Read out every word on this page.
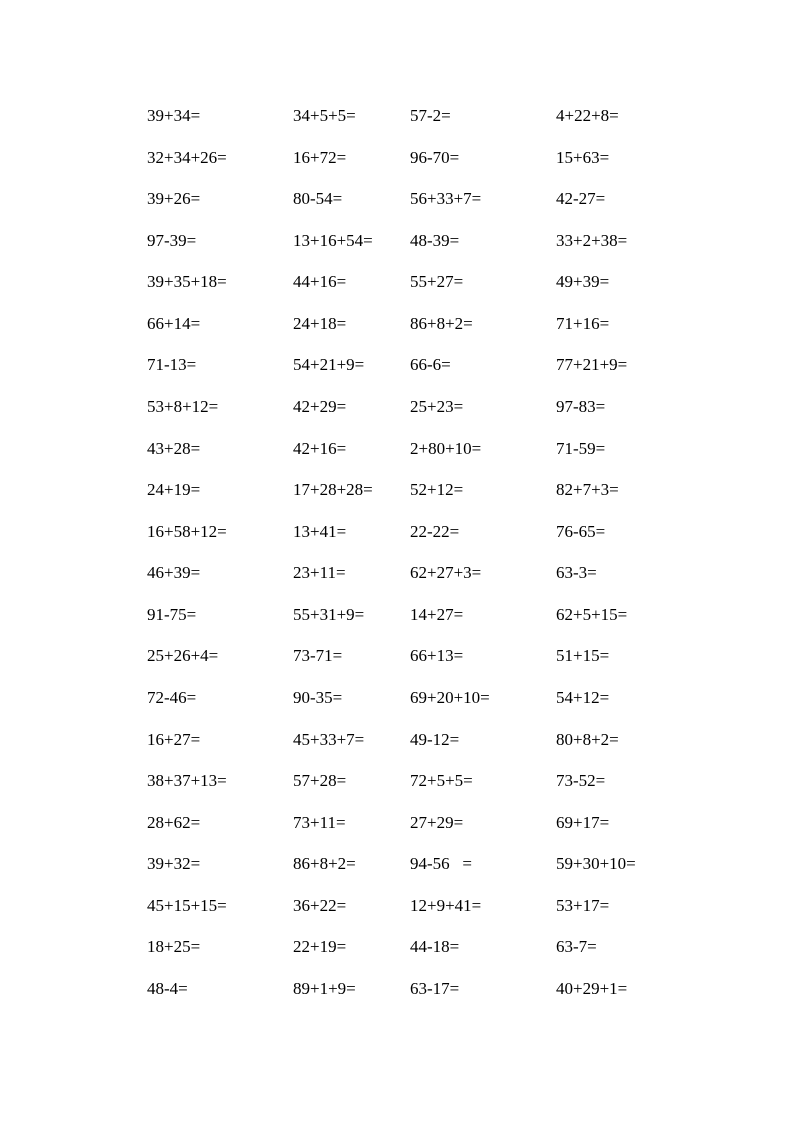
39+34=	34+5+5=	57-2=	4+22+8=
32+34+26=	16+72=	96-70=	15+63=
39+26=	80-54=	56+33+7=	42-27=
97-39=	13+16+54= 48-39=	33+2+38=
39+35+18=	44+16=	55+27=	49+39=
66+14=	24+18=	86+8+2=	71+16=
71-13=	54+21+9=	66-6=	77+21+9=
53+8+12=	42+29=	25+23=	97-83=
43+28=	42+16=	2+80+10=	71-59=
24+19=	17+28+28= 52+12=	82+7+3=
16+58+12=	13+41=	22-22=	76-65=
46+39=	23+11=	62+27+3=	63-3=
91-75=	55+31+9=	14+27=	62+5+15=
25+26+4=	73-71=	66+13=	51+15=
72-46=	90-35=	69+20+10=	54+12=
16+27=	45+33+7=	49-12=	80+8+2=
38+37+13=	57+28=	72+5+5=	73-52=
28+62=	73+11=	27+29=	69+17=
39+32=	86+8+2=	94-56   =	59+30+10=
45+15+15=	36+22=	12+9+41=	53+17=
18+25=	22+19=	44-18=	63-7=
48-4=	89+1+9=	63-17=	40+29+1=
